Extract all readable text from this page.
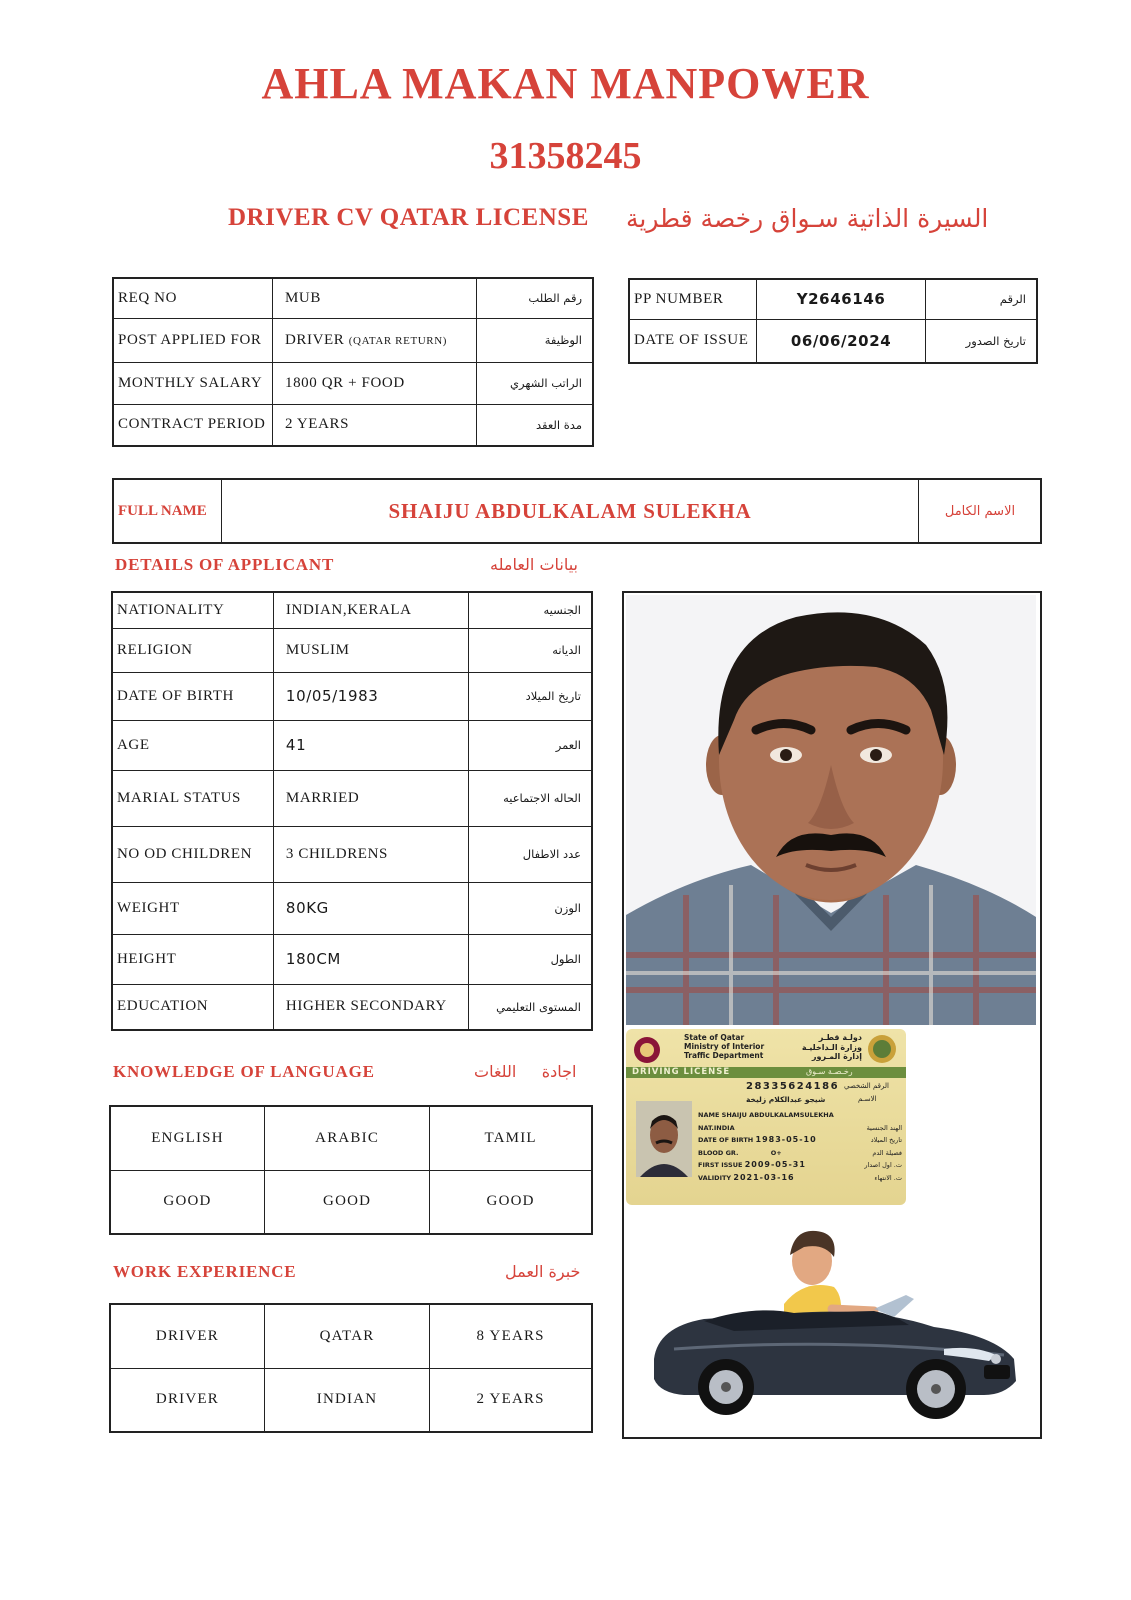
AHLA MAKAN MANPOWER
31358245
DRIVER CV QATAR LICENSE السيرة الذاتية سـواق رخصة قطرية
REQ NO	MUB	رقم الطلب
POST APPLIED FOR	DRIVER (QATAR RETURN)	الوظيفة
MONTHLY SALARY	1800 QR + FOOD	الراتب الشهري
CONTRACT PERIOD	2 YEARS	مدة العقد
PP NUMBER	Y2646146	الرقم
DATE OF ISSUE	06/06/2024	تاريخ الصدور
FULL NAME	SHAIJU ABDULKALAM SULEKHA	الاسم الكامل
DETAILS OF APPLICANT	بيانات العامله
NATIONALITY	INDIAN,KERALA	الجنسيه
RELIGION	MUSLIM	الديانه
DATE OF BIRTH	10/05/1983	تاريخ الميلاد
AGE	41	العمر
MARIAL STATUS	MARRIED	الحاله الاجتماعيه
NO OD CHILDREN	3 CHILDRENS	عدد الاطفال
WEIGHT	80KG	الوزن
HEIGHT	180CM	الطول
EDUCATION	HIGHER SECONDARY	المستوى التعليمي
KNOWLEDGE OF LANGUAGE	اجادة     اللغات
ENGLISH	ARABIC	TAMIL
GOOD	GOOD	GOOD
WORK EXPERIENCE	خبرة العمل
DRIVER	QATAR	8 YEARS
DRIVER	INDIAN	2 YEARS
State of Qatar
Ministry of Interior
Traffic Department
دولـة قطـر
وزارة الـداخليـة
إدارة المـرور
DRIVING LICENSE	رخـصـة سـوق
28335624186 الرقم الشخصي
شيجو عبدالكلام زليخة	الاسـم
NAME SHAIJU ABDULKALAMSULEKHA
NAT.INDIA
DATE OF BIRTH 1983-05-10
BLOOD GR.	O+
FIRST ISSUE 2009-05-31
VALIDITY 2021-03-16
الهند الجنسية
تاريخ الميلاد
فصيلة الدم
ت. اول اصدار
ت. الانتهاء
